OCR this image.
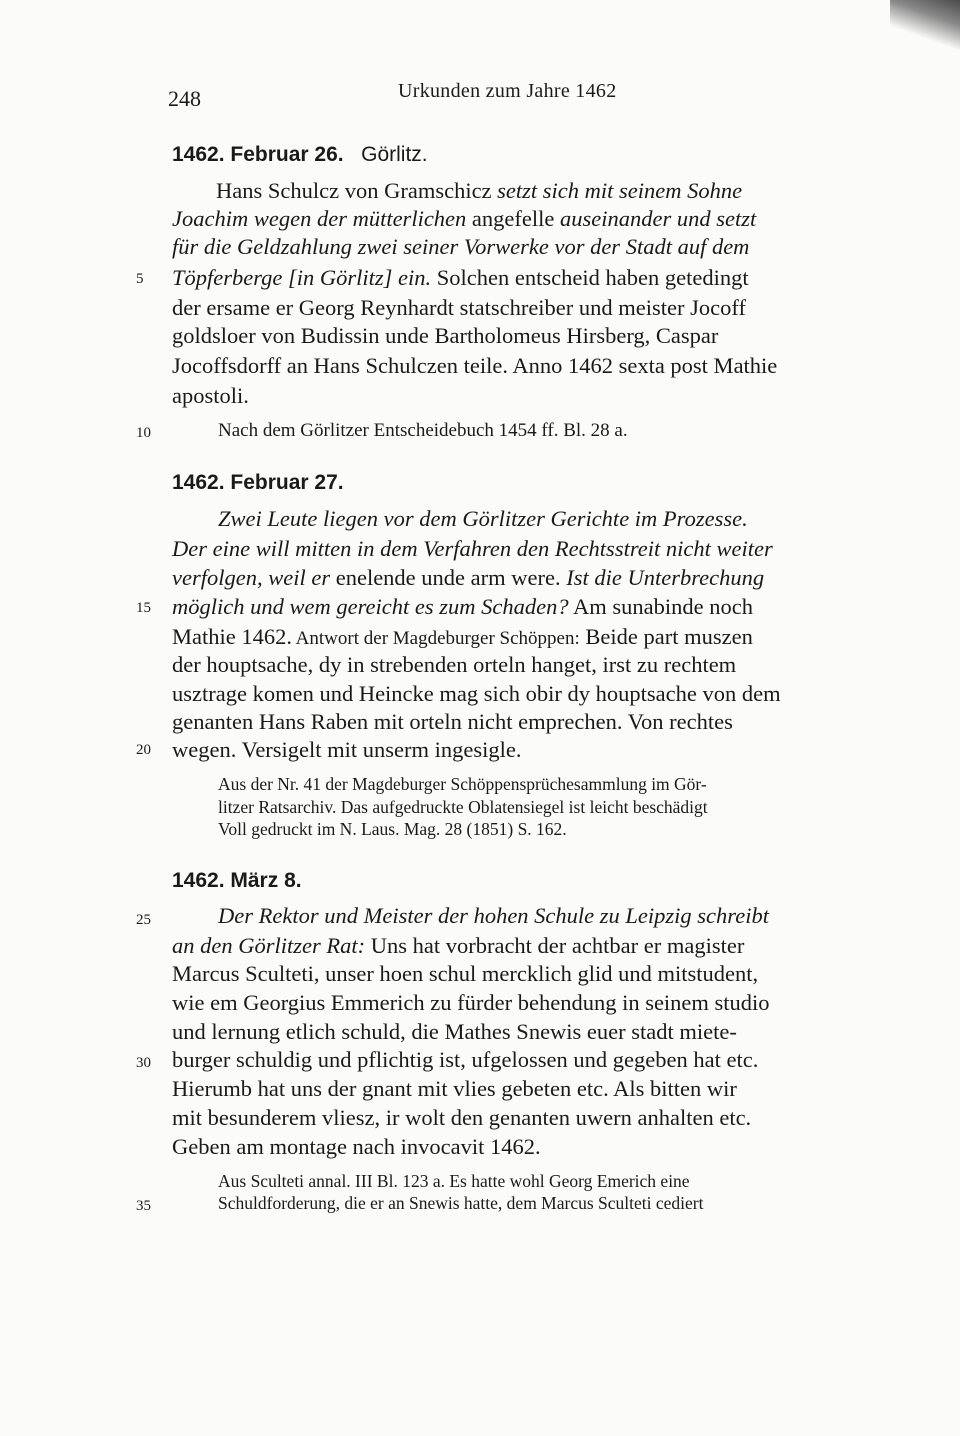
248	Urkunden zum Jahre 1462
5
10
15
20
25
30
35
1462. Februar 26. Görlitz.
Hans Schulcz von Gramschicz setzt sich mit seinem Sohne
Joachim wegen der mütterlichen angefelle auseinander und setzt
für die Geldzahlung zwei seiner Vorwerke vor der Stadt auf dem
Töpferberge [in Görlitz] ein. Solchen entscheid haben getedingt
der ersame er Georg Reynhardt statschreiber und meister Jocoff
goldsloer von Budissin unde Bartholomeus Hirsberg, Caspar
Jocoffsdorff an Hans Schulczen teile. Anno 1462 sexta post Mathie
apostoli.
Nach dem Görlitzer Entscheidebuch 1454 ff. Bl. 28 a.
1462. Februar 27.
Zwei Leute liegen vor dem Görlitzer Gerichte im Prozesse.
Der eine will mitten in dem Verfahren den Rechtsstreit nicht weiter
verfolgen, weil er enelende unde arm were. Ist die Unterbrechung
möglich und wem gereicht es zum Schaden? Am sunabinde noch
Mathie 1462. Antwort der Magdeburger Schöppen: Beide part muszen
der houptsache, dy in strebenden orteln hanget, irst zu rechtem
usztrage komen und Heincke mag sich obir dy houptsache von dem
genanten Hans Raben mit orteln nicht emprechen. Von rechtes
wegen. Versigelt mit unserm ingesigle.
Aus der Nr. 41 der Magdeburger Schöppensprüchesammlung im Gör-
litzer Ratsarchiv. Das aufgedruckte Oblatensiegel ist leicht beschädigt
Voll gedruckt im N. Laus. Mag. 28 (1851) S. 162.
1462. März 8.
Der Rektor und Meister der hohen Schule zu Leipzig schreibt
an den Görlitzer Rat: Uns hat vorbracht der achtbar er magister
Marcus Sculteti, unser hoen schul mercklich glid und mitstudent,
wie em Georgius Emmerich zu fürder behendung in seinem studio
und lernung etlich schuld, die Mathes Snewis euer stadt miete-
burger schuldig und pflichtig ist, ufgelossen und gegeben hat etc.
Hierumb hat uns der gnant mit vlies gebeten etc. Als bitten wir
mit besunderem vliesz, ir wolt den genanten uwern anhalten etc.
Geben am montage nach invocavit 1462.
Aus Sculteti annal. III Bl. 123 a. Es hatte wohl Georg Emerich eine
Schuldforderung, die er an Snewis hatte, dem Marcus Sculteti cediert
